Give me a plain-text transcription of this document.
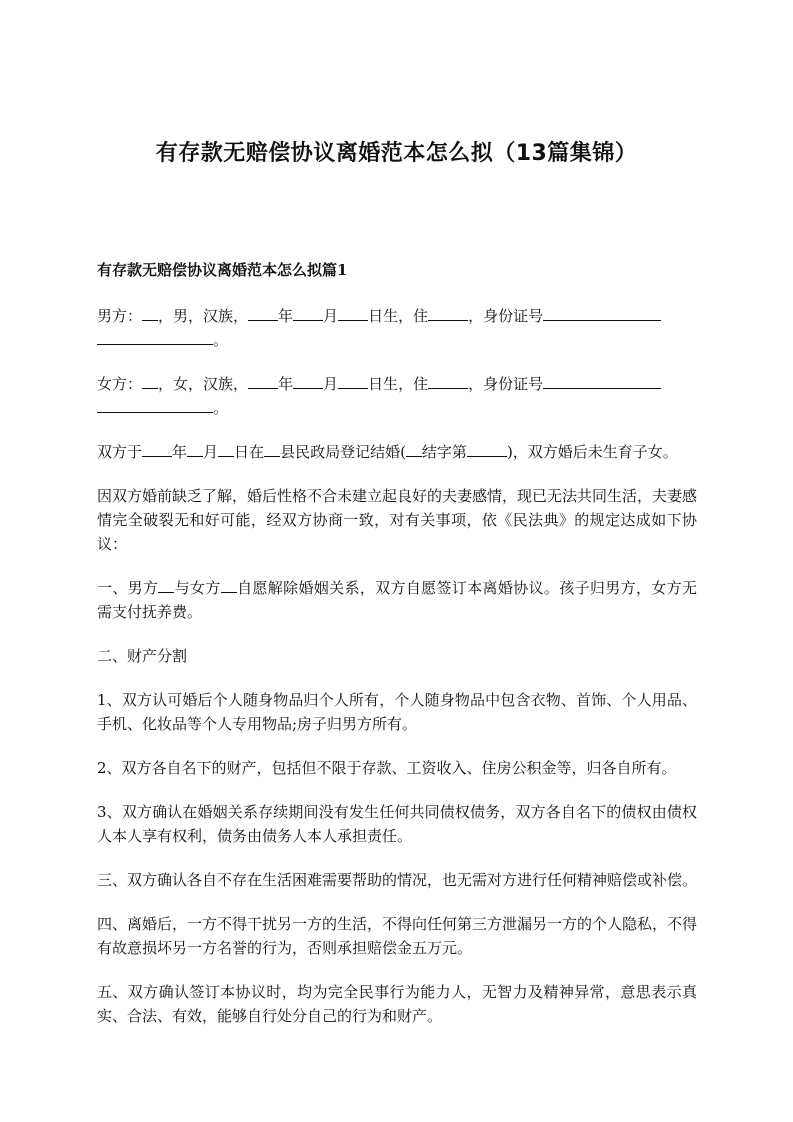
有存款无赔偿协议离婚范本怎么拟（13篇集锦）
有存款无赔偿协议离婚范本怎么拟篇1

男方： ，男，汉族， 年 月 日生，住	，身份证号
。

女方： ，女，汉族， 年 月 日生，住	，身份证号
。

双方于 年 月 日在 县民政局登记结婚( 结字第	)，双方婚后未生育子女。

因双方婚前缺乏了解，婚后性格不合未建立起良好的夫妻感情，现已无法共同生活，夫妻感情完全破裂无和好可能，经双方协商一致，对有关事项，依《民法典》的规定达成如下协议：

一、男方 与女方 自愿解除婚姻关系，双方自愿签订本离婚协议。孩子归男方，女方无需支付抚养费。

二、财产分割

1、双方认可婚后个人随身物品归个人所有，个人随身物品中包含衣物、首饰、个人用品、手机、化妆品等个人专用物品;房子归男方所有。

2、双方各自名下的财产，包括但不限于存款、工资收入、住房公积金等，归各自所有。

3、双方确认在婚姻关系存续期间没有发生任何共同债权债务，双方各自名下的债权由债权人本人享有权利，债务由债务人本人承担责任。

三、双方确认各自不存在生活困难需要帮助的情况，也无需对方进行任何精神赔偿或补偿。

四、离婚后，一方不得干扰另一方的生活，不得向任何第三方泄漏另一方的个人隐私，不得有故意损坏另一方名誉的行为，否则承担赔偿金五万元。

五、双方确认签订本协议时，均为完全民事行为能力人，无智力及精神异常，意思表示真实、合法、有效，能够自行处分自己的行为和财产。
